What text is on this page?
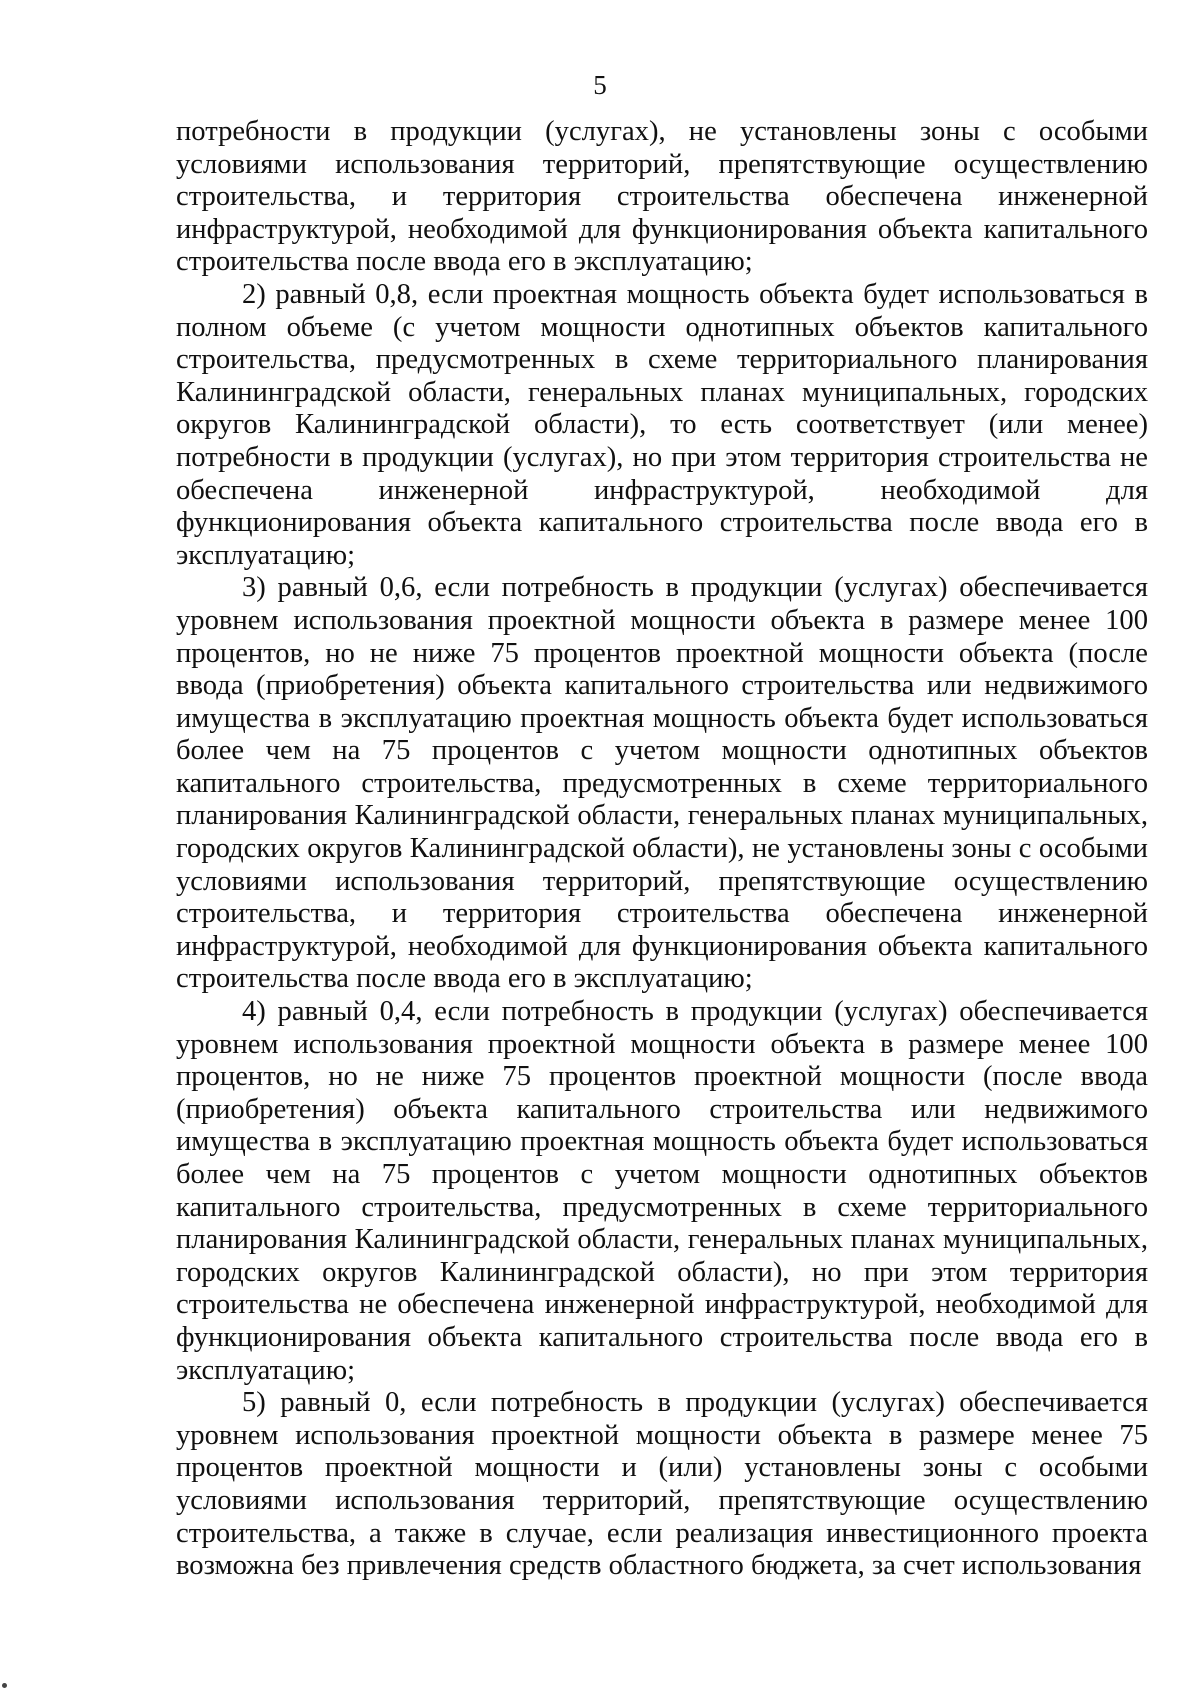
5

потребности в продукции (услугах), не установлены зоны с особыми условиями использования территорий, препятствующие осуществлению строительства, и территория строительства обеспечена инженерной инфраструктурой, необходимой для функционирования объекта капитального строительства после ввода его в эксплуатацию;

2) равный 0,8, если проектная мощность объекта будет использоваться в полном объеме (с учетом мощности однотипных объектов капитального строительства, предусмотренных в схеме территориального планирования Калининградской области, генеральных планах муниципальных, городских округов Калининградской области), то есть соответствует (или менее) потребности в продукции (услугах), но при этом территория строительства не обеспечена инженерной инфраструктурой, необходимой для функционирования объекта капитального строительства после ввода его в эксплуатацию;

3) равный 0,6, если потребность в продукции (услугах) обеспечивается уровнем использования проектной мощности объекта в размере менее 100 процентов, но не ниже 75 процентов проектной мощности объекта (после ввода (приобретения) объекта капитального строительства или недвижимого имущества в эксплуатацию проектная мощность объекта будет использоваться более чем на 75 процентов с учетом мощности однотипных объектов капитального строительства, предусмотренных в схеме территориального планирования Калининградской области, генеральных планах муниципальных, городских округов Калининградской области), не установлены зоны с особыми условиями использования территорий, препятствующие осуществлению строительства, и территория строительства обеспечена инженерной инфраструктурой, необходимой для функционирования объекта капитального строительства после ввода его в эксплуатацию;

4) равный 0,4, если потребность в продукции (услугах) обеспечивается уровнем использования проектной мощности объекта в размере менее 100 процентов, но не ниже 75 процентов проектной мощности (после ввода (приобретения) объекта капитального строительства или недвижимого имущества в эксплуатацию проектная мощность объекта будет использоваться более чем на 75 процентов с учетом мощности однотипных объектов капитального строительства, предусмотренных в схеме территориального планирования Калининградской области, генеральных планах муниципальных, городских округов Калининградской области), но при этом территория строительства не обеспечена инженерной инфраструктурой, необходимой для функционирования объекта капитального строительства после ввода его в эксплуатацию;

5) равный 0, если потребность в продукции (услугах) обеспечивается уровнем использования проектной мощности объекта в размере менее 75 процентов проектной мощности и (или) установлены зоны с особыми условиями использования территорий, препятствующие осуществлению строительства, а также в случае, если реализация инвестиционного проекта возможна без привлечения средств областного бюджета, за счет использования
